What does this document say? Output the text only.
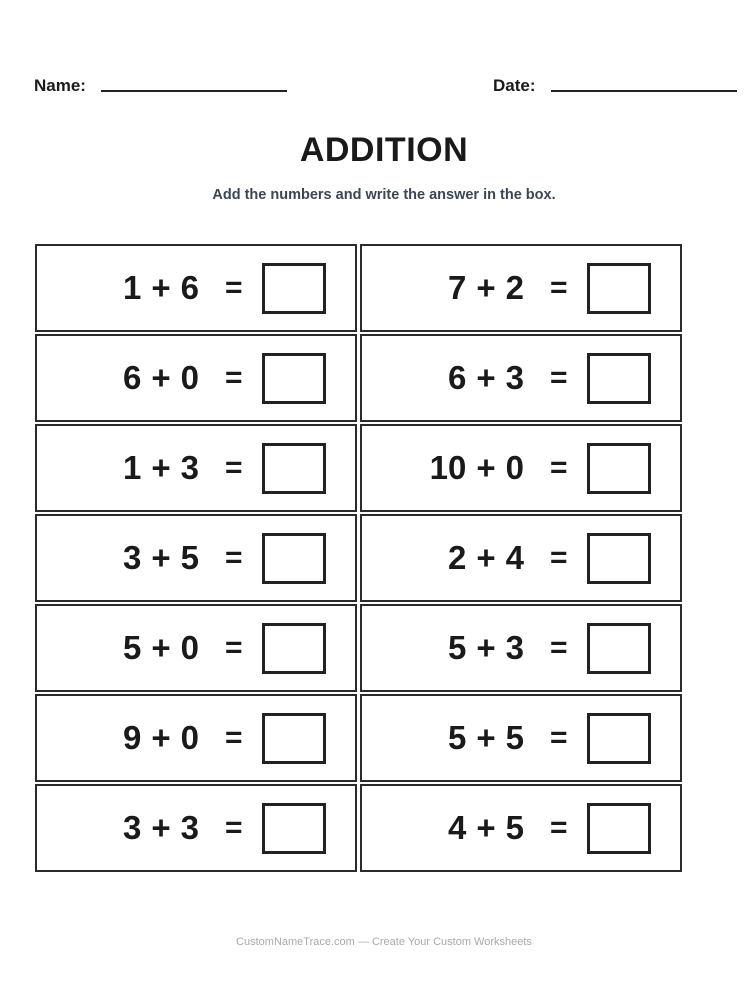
Name:	Date:
ADDITION

Add the numbers and write the answer in the box.

1 + 6 =	7 + 2 =
6 + 0 =	6 + 3 =
1 + 3 =	10 + 0 =
3 + 5 =	2 + 4 =
5 + 0 =	5 + 3 =
9 + 0 =	5 + 5 =
3 + 3 =	4 + 5 =
CustomNameTrace.com — Create Your Custom Worksheets
